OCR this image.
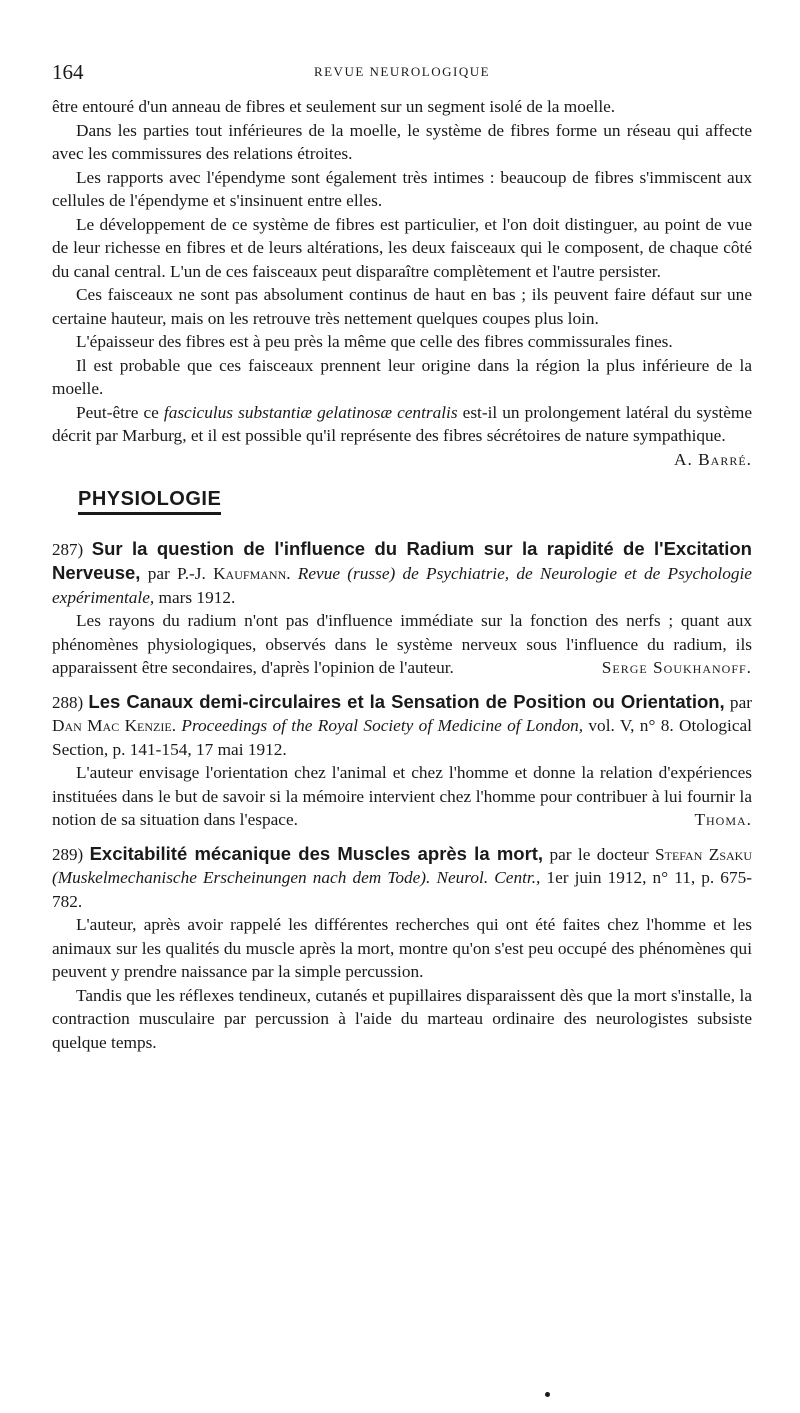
164	REVUE NEUROLOGIQUE

être entouré d'un anneau de fibres et seulement sur un segment isolé de la moelle.

Dans les parties tout inférieures de la moelle, le système de fibres forme un réseau qui affecte avec les commissures des relations étroites.

Les rapports avec l'épendyme sont également très intimes : beaucoup de fibres s'immiscent aux cellules de l'épendyme et s'insinuent entre elles.

Le développement de ce système de fibres est particulier, et l'on doit distinguer, au point de vue de leur richesse en fibres et de leurs altérations, les deux faisceaux qui le composent, de chaque côté du canal central. L'un de ces faisceaux peut disparaître complètement et l'autre persister.

Ces faisceaux ne sont pas absolument continus de haut en bas ; ils peuvent faire défaut sur une certaine hauteur, mais on les retrouve très nettement quelques coupes plus loin.

L'épaisseur des fibres est à peu près la même que celle des fibres commissurales fines.

Il est probable que ces faisceaux prennent leur origine dans la région la plus inférieure de la moelle.

Peut-être ce fasciculus substantiæ gelatinosæ centralis est-il un prolongement latéral du système décrit par Marburg, et il est possible qu'il représente des fibres sécrétoires de nature sympathique.
A. Barré.

PHYSIOLOGIE

287) Sur la question de l'influence du Radium sur la rapidité de l'Excitation Nerveuse, par P.-J. Kaufmann. Revue (russe) de Psychiatrie, de Neurologie et de Psychologie expérimentale, mars 1912.

Les rayons du radium n'ont pas d'influence immédiate sur la fonction des nerfs ; quant aux phénomènes physiologiques, observés dans le système nerveux sous l'influence du radium, ils apparaissent être secondaires, d'après l'opinion de l'auteur.	Serge Soukhanoff.

288) Les Canaux demi-circulaires et la Sensation de Position ou Orientation, par Dan Mac Kenzie. Proceedings of the Royal Society of Medicine of London, vol. V, n° 8. Otological Section, p. 141-154, 17 mai 1912.

L'auteur envisage l'orientation chez l'animal et chez l'homme et donne la relation d'expériences instituées dans le but de savoir si la mémoire intervient chez l'homme pour contribuer à lui fournir la notion de sa situation dans l'espace.	Thoma.

289) Excitabilité mécanique des Muscles après la mort, par le docteur Stefan Zsaku (Muskelmechanische Erscheinungen nach dem Tode). Neurol. Centr., 1er juin 1912, n° 11, p. 675-782.

L'auteur, après avoir rappelé les différentes recherches qui ont été faites chez l'homme et les animaux sur les qualités du muscle après la mort, montre qu'on s'est peu occupé des phénomènes qui peuvent y prendre naissance par la simple percussion.

Tandis que les réflexes tendineux, cutanés et pupillaires disparaissent dès que la mort s'installe, la contraction musculaire par percussion à l'aide du marteau ordinaire des neurologistes subsiste quelque temps.
